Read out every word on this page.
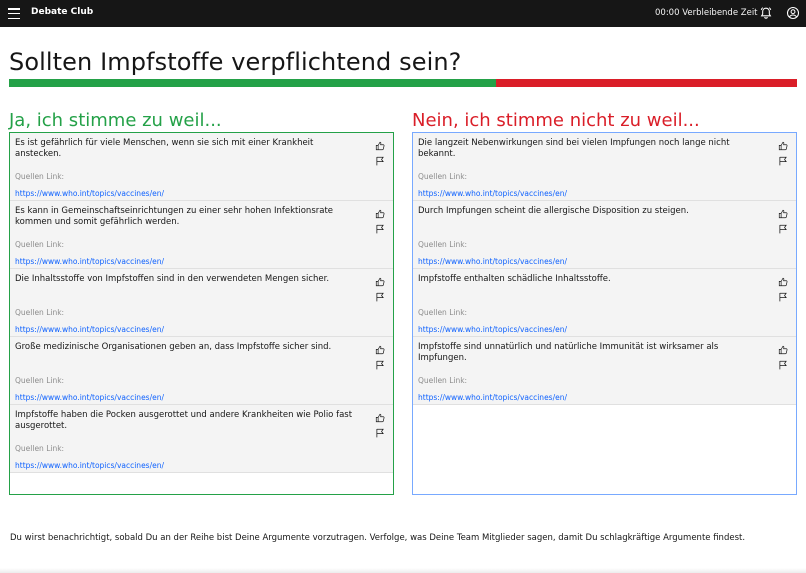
Debate Club	00:00 Verbleibende Zeit
Sollten Impfstoffe verpflichtend sein?
Ja, ich stimme zu weil...	Nein, ich stimme nicht zu weil...
Es ist gefährlich für viele Menschen, wenn sie sich mit einer Krankheit anstecken.
Quellen Link:
https://www.who.int/topics/vaccines/en/
Es kann in Gemeinschaftseinrichtungen zu einer sehr hohen Infektionsrate kommen und somit gefährlich werden.
Quellen Link:
https://www.who.int/topics/vaccines/en/
Die Inhaltsstoffe von Impfstoffen sind in den verwendeten Mengen sicher.
Quellen Link:
https://www.who.int/topics/vaccines/en/
Große medizinische Organisationen geben an, dass Impfstoffe sicher sind.
Quellen Link:
https://www.who.int/topics/vaccines/en/
Impfstoffe haben die Pocken ausgerottet und andere Krankheiten wie Polio fast ausgerottet.
Quellen Link:
https://www.who.int/topics/vaccines/en/
Die langzeit Nebenwirkungen sind bei vielen Impfungen noch lange nicht bekannt.
Quellen Link:
https://www.who.int/topics/vaccines/en/
Durch Impfungen scheint die allergische Disposition zu steigen.
Quellen Link:
https://www.who.int/topics/vaccines/en/
Impfstoffe enthalten schädliche Inhaltsstoffe.
Quellen Link:
https://www.who.int/topics/vaccines/en/
Impfstoffe sind unnatürlich und natürliche Immunität ist wirksamer als Impfungen.
Quellen Link:
https://www.who.int/topics/vaccines/en/
Du wirst benachrichtigt, sobald Du an der Reihe bist Deine Argumente vorzutragen. Verfolge, was Deine Team Mitglieder sagen, damit Du schlagkräftige Argumente findest.
